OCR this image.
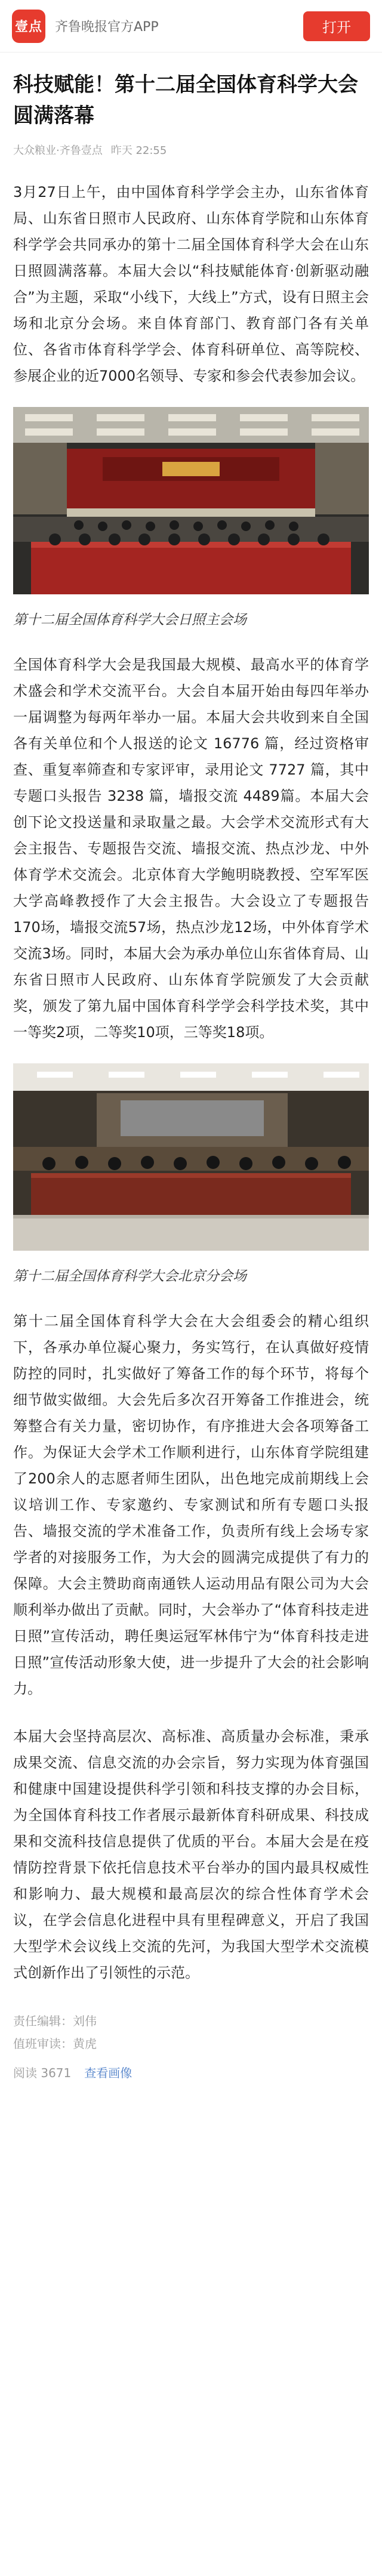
壹点 齐鲁晚报官方APP	打开
科技赋能！第十二届全国体育科学大会圆满落幕
大众粮业·齐鲁壹点 昨天 22:55

3月27日上午，由中国体育科学学会主办，山东省体育局、山东省日照市人民政府、山东体育学院和山东体育科学学会共同承办的第十二届全国体育科学大会在山东日照圆满落幕。本届大会以“科技赋能体育·创新驱动融合”为主题，采取“小线下，大线上”方式，设有日照主会场和北京分会场。来自体育部门、教育部门各有关单位、各省市体育科学学会、体育科研单位、高等院校、参展企业的近7000名领导、专家和参会代表参加会议。

第十二届全国体育科学大会日照主会场

全国体育科学大会是我国最大规模、最高水平的体育学术盛会和学术交流平台。大会自本届开始由每四年举办一届调整为每两年举办一届。本届大会共收到来自全国各有关单位和个人报送的论文 16776 篇，经过资格审查、重复率筛查和专家评审，录用论文 7727 篇，其中专题口头报告 3238 篇，墙报交流 4489篇。本届大会创下论文投送量和录取量之最。大会学术交流形式有大会主报告、专题报告交流、墙报交流、热点沙龙、中外体育学术交流会。北京体育大学鲍明晓教授、空军军医大学高峰教授作了大会主报告。大会设立了专题报告170场，墙报交流57场，热点沙龙12场，中外体育学术交流3场。同时，本届大会为承办单位山东省体育局、山东省日照市人民政府、山东体育学院颁发了大会贡献奖，颁发了第九届中国体育科学学会科学技术奖，其中一等奖2项，二等奖10项，三等奖18项。

第十二届全国体育科学大会北京分会场

第十二届全国体育科学大会在大会组委会的精心组织下，各承办单位凝心聚力，务实笃行，在认真做好疫情防控的同时，扎实做好了筹备工作的每个环节，将每个细节做实做细。大会先后多次召开筹备工作推进会，统筹整合有关力量，密切协作，有序推进大会各项筹备工作。为保证大会学术工作顺利进行，山东体育学院组建了200余人的志愿者师生团队，出色地完成前期线上会议培训工作、专家邀约、专家测试和所有专题口头报告、墙报交流的学术准备工作，负责所有线上会场专家学者的对接服务工作，为大会的圆满完成提供了有力的保障。大会主赞助商南通铁人运动用品有限公司为大会顺利举办做出了贡献。同时，大会举办了“体育科技走进日照”宣传活动，聘任奥运冠军林伟宁为“体育科技走进日照”宣传活动形象大使，进一步提升了大会的社会影响力。

本届大会坚持高层次、高标准、高质量办会标准，秉承成果交流、信息交流的办会宗旨，努力实现为体育强国和健康中国建设提供科学引领和科技支撑的办会目标，为全国体育科技工作者展示最新体育科研成果、科技成果和交流科技信息提供了优质的平台。本届大会是在疫情防控背景下依托信息技术平台举办的国内最具权威性和影响力、最大规模和最高层次的综合性体育学术会议，在学会信息化进程中具有里程碑意义，开启了我国大型学术会议线上交流的先河，为我国大型学术交流模式创新作出了引领性的示范。

责任编辑：刘伟
值班审读：黄虎
阅读 3671 查看画像
